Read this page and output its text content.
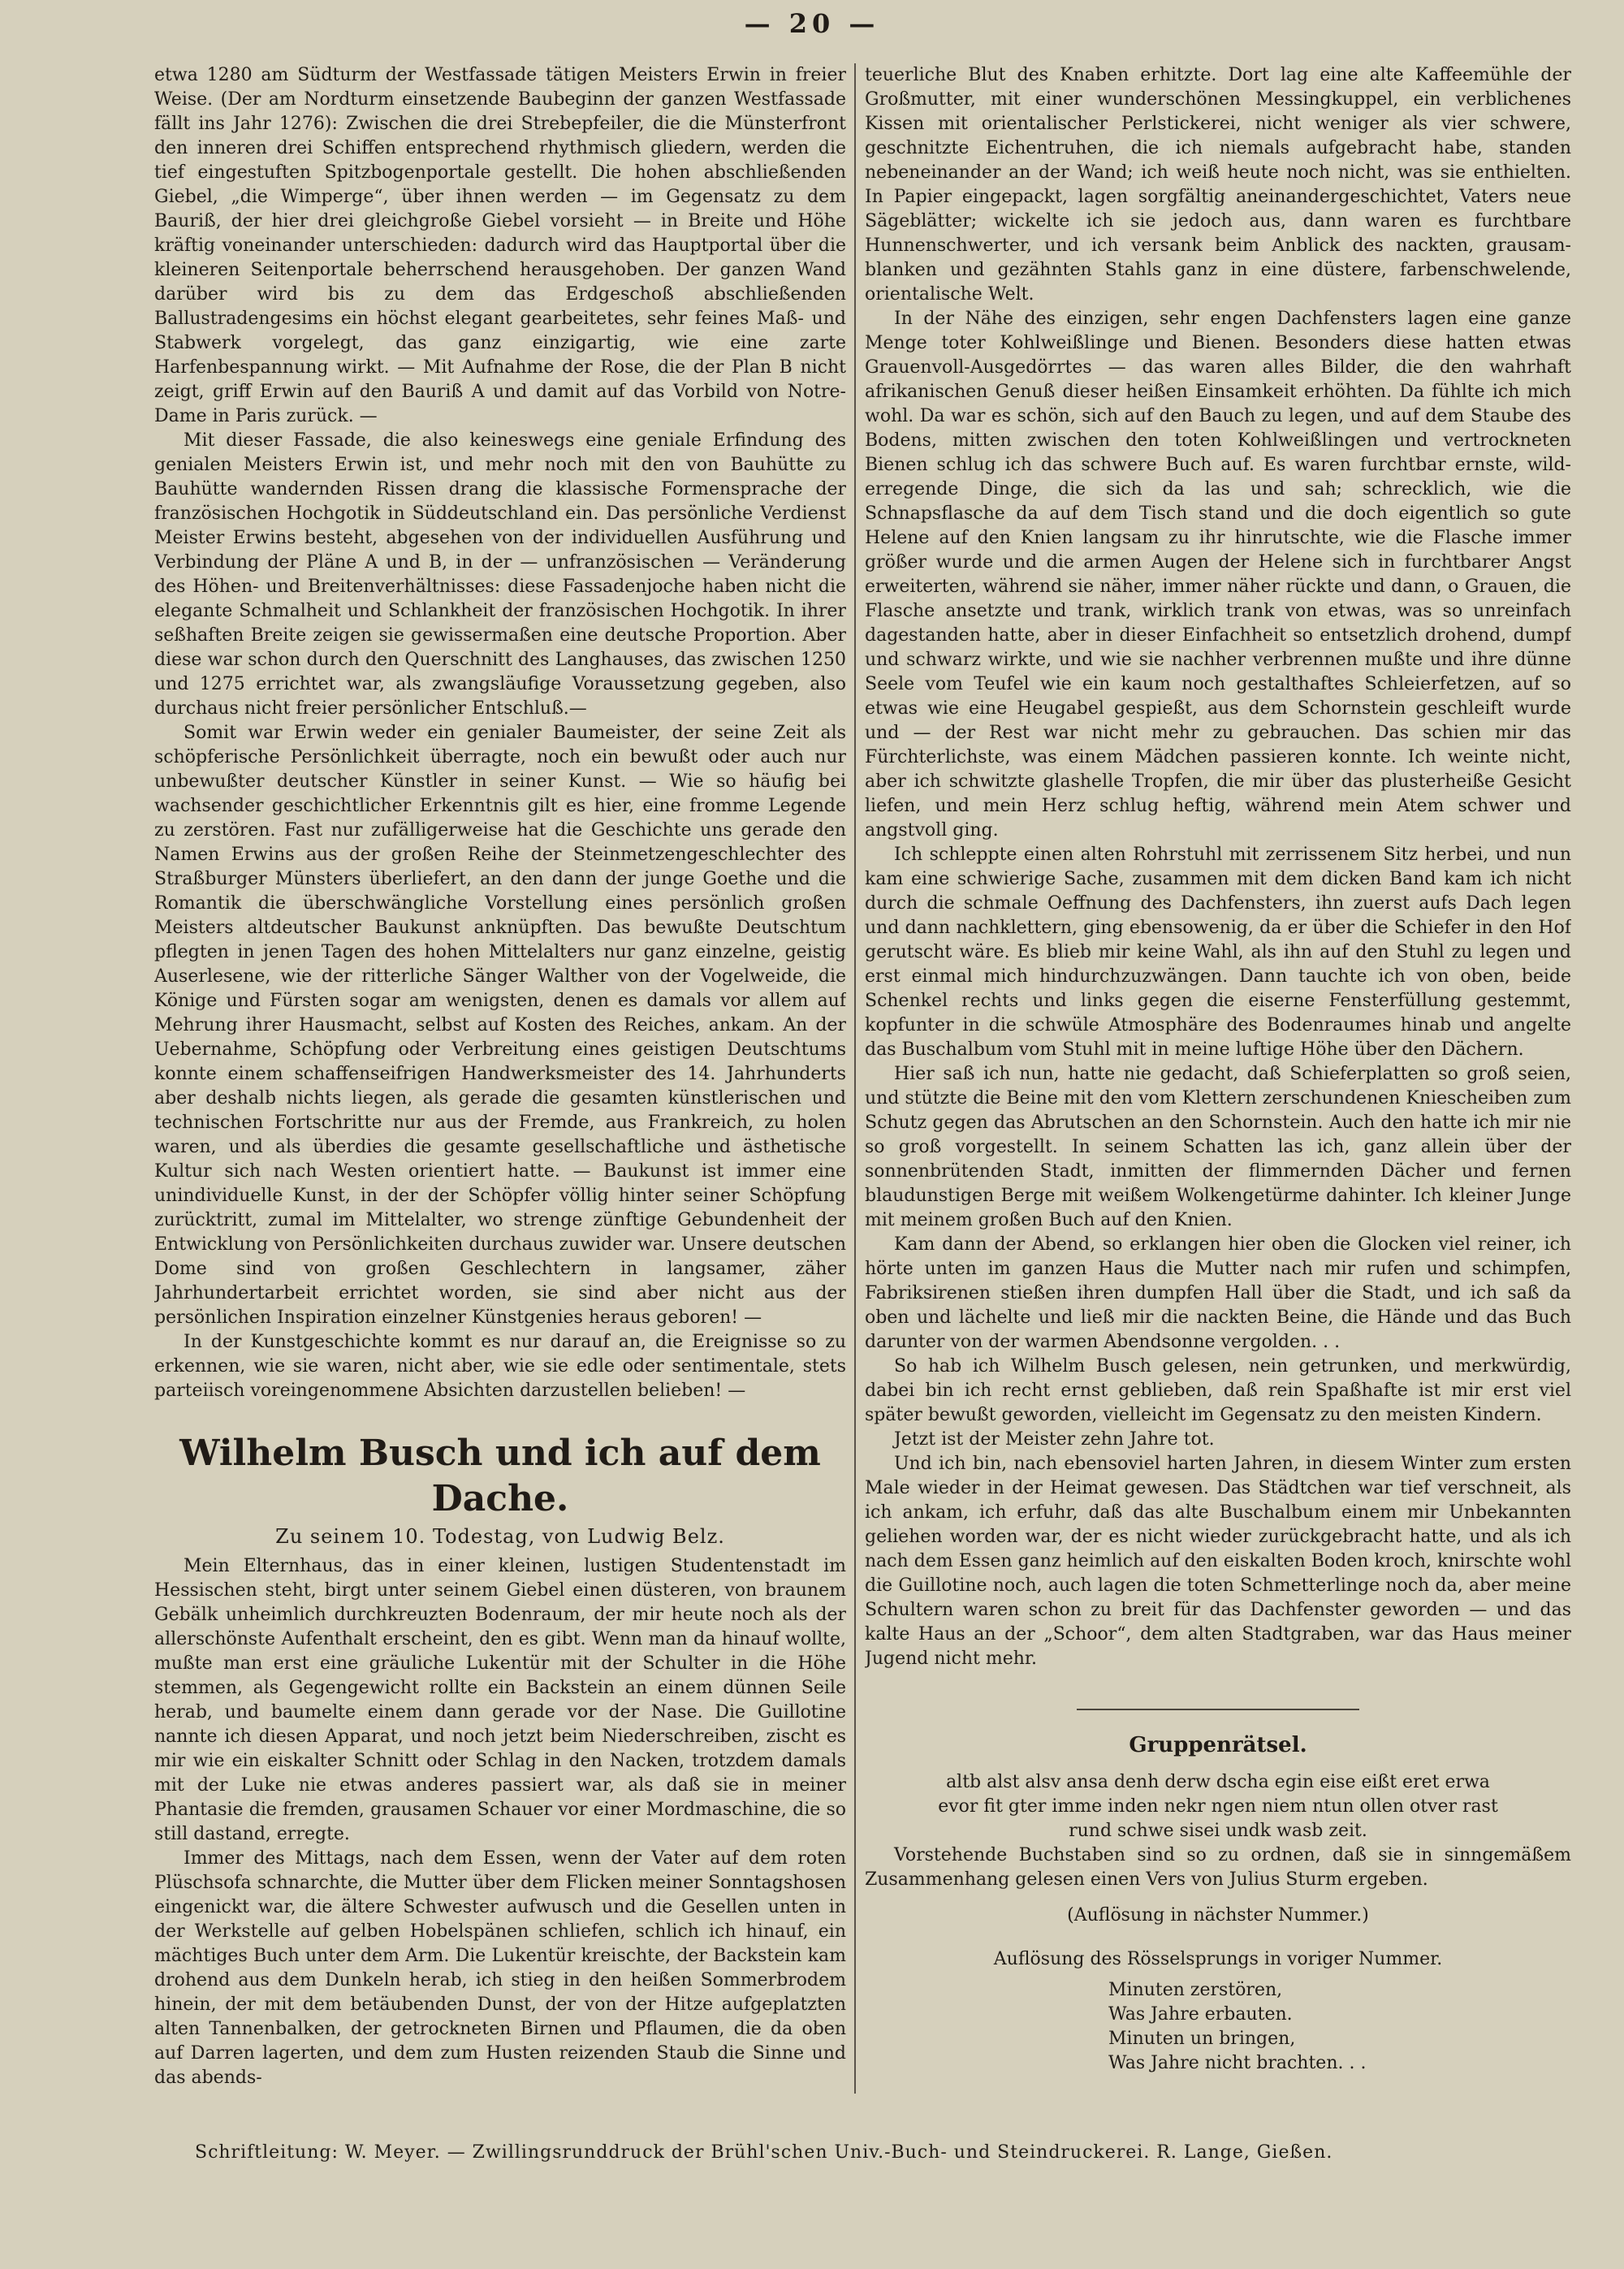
— 20 —

etwa 1280 am Südturm der Westfassade tätigen Meisters Erwin in freier Weise. (Der am Nordturm einsetzende Baubeginn der ganzen Westfassade fällt ins Jahr 1276): Zwischen die drei Strebepfeiler, die die Münsterfront den inneren drei Schiffen entsprechend rhythmisch gliedern, werden die tief eingestuften Spitzbogenportale gestellt. Die hohen abschließenden Giebel, „die Wimperge“, über ihnen werden — im Gegensatz zu dem Bauriß, der hier drei gleichgroße Giebel vorsieht — in Breite und Höhe kräftig voneinander unterschieden: dadurch wird das Hauptportal über die kleineren Seitenportale beherrschend herausgehoben. Der ganzen Wand darüber wird bis zu dem das Erdgeschoß abschließenden Ballustradengesims ein höchst elegant gearbeitetes, sehr feines Maß- und Stabwerk vorgelegt, das ganz einzigartig, wie eine zarte Harfenbespannung wirkt. — Mit Aufnahme der Rose, die der Plan B nicht zeigt, griff Erwin auf den Bauriß A und damit auf das Vorbild von Notre-Dame in Paris zurück. —

Mit dieser Fassade, die also keineswegs eine geniale Erfindung des genialen Meisters Erwin ist, und mehr noch mit den von Bauhütte zu Bauhütte wandernden Rissen drang die klassische Formensprache der französischen Hochgotik in Süddeutschland ein. Das persönliche Verdienst Meister Erwins besteht, abgesehen von der individuellen Ausführung und Verbindung der Pläne A und B, in der — unfranzösischen — Veränderung des Höhen- und Breitenverhältnisses: diese Fassadenjoche haben nicht die elegante Schmalheit und Schlankheit der französischen Hochgotik. In ihrer seßhaften Breite zeigen sie gewissermaßen eine deutsche Proportion. Aber diese war schon durch den Querschnitt des Langhauses, das zwischen 1250 und 1275 errichtet war, als zwangsläufige Voraussetzung gegeben, also durchaus nicht freier persönlicher Entschluß.—

Somit war Erwin weder ein genialer Baumeister, der seine Zeit als schöpferische Persönlichkeit überragte, noch ein bewußt oder auch nur unbewußter deutscher Künstler in seiner Kunst. — Wie so häufig bei wachsender geschichtlicher Erkenntnis gilt es hier, eine fromme Legende zu zerstören. Fast nur zufälligerweise hat die Geschichte uns gerade den Namen Erwins aus der großen Reihe der Steinmetzengeschlechter des Straßburger Münsters überliefert, an den dann der junge Goethe und die Romantik die überschwängliche Vorstellung eines persönlich großen Meisters altdeutscher Baukunst anknüpften. Das bewußte Deutschtum pflegten in jenen Tagen des hohen Mittelalters nur ganz einzelne, geistig Auserlesene, wie der ritterliche Sänger Walther von der Vogelweide, die Könige und Fürsten sogar am wenigsten, denen es damals vor allem auf Mehrung ihrer Hausmacht, selbst auf Kosten des Reiches, ankam. An der Uebernahme, Schöpfung oder Verbreitung eines geistigen Deutschtums konnte einem schaffenseifrigen Handwerksmeister des 14. Jahrhunderts aber deshalb nichts liegen, als gerade die gesamten künstlerischen und technischen Fortschritte nur aus der Fremde, aus Frankreich, zu holen waren, und als überdies die gesamte gesellschaftliche und ästhetische Kultur sich nach Westen orientiert hatte. — Baukunst ist immer eine unindividuelle Kunst, in der der Schöpfer völlig hinter seiner Schöpfung zurücktritt, zumal im Mittelalter, wo strenge zünftige Gebundenheit der Entwicklung von Persönlichkeiten durchaus zuwider war. Unsere deutschen Dome sind von großen Geschlechtern in langsamer, zäher Jahrhundertarbeit errichtet worden, sie sind aber nicht aus der persönlichen Inspiration einzelner Künstgenies heraus geboren! —

In der Kunstgeschichte kommt es nur darauf an, die Ereignisse so zu erkennen, wie sie waren, nicht aber, wie sie edle oder sentimentale, stets parteiisch voreingenommene Absichten darzustellen belieben! —

Wilhelm Busch und ich auf dem Dache.
Zu seinem 10. Todestag, von Ludwig Belz.

Mein Elternhaus, das in einer kleinen, lustigen Studentenstadt im Hessischen steht, birgt unter seinem Giebel einen düsteren, von braunem Gebälk unheimlich durchkreuzten Bodenraum, der mir heute noch als der allerschönste Aufenthalt erscheint, den es gibt. Wenn man da hinauf wollte, mußte man erst eine gräuliche Lukentür mit der Schulter in die Höhe stemmen, als Gegengewicht rollte ein Backstein an einem dünnen Seile herab, und baumelte einem dann gerade vor der Nase. Die Guillotine nannte ich diesen Apparat, und noch jetzt beim Niederschreiben, zischt es mir wie ein eiskalter Schnitt oder Schlag in den Nacken, trotzdem damals mit der Luke nie etwas anderes passiert war, als daß sie in meiner Phantasie die fremden, grausamen Schauer vor einer Mordmaschine, die so still dastand, erregte.

Immer des Mittags, nach dem Essen, wenn der Vater auf dem roten Plüschsofa schnarchte, die Mutter über dem Flicken meiner Sonntagshosen eingenickt war, die ältere Schwester aufwusch und die Gesellen unten in der Werkstelle auf gelben Hobelspänen schliefen, schlich ich hinauf, ein mächtiges Buch unter dem Arm. Die Lukentür kreischte, der Backstein kam drohend aus dem Dunkeln herab, ich stieg in den heißen Sommerbrodem hinein, der mit dem betäubenden Dunst, der von der Hitze aufgeplatzten alten Tannenbalken, der getrockneten Birnen und Pflaumen, die da oben auf Darren lagerten, und dem zum Husten reizenden Staub die Sinne und das abends-

teuerliche Blut des Knaben erhitzte. Dort lag eine alte Kaffeemühle der Großmutter, mit einer wunderschönen Messingkuppel, ein verblichenes Kissen mit orientalischer Perlstickerei, nicht weniger als vier schwere, geschnitzte Eichentruhen, die ich niemals aufgebracht habe, standen nebeneinander an der Wand; ich weiß heute noch nicht, was sie enthielten. In Papier eingepackt, lagen sorgfältig aneinandergeschichtet, Vaters neue Sägeblätter; wickelte ich sie jedoch aus, dann waren es furchtbare Hunnenschwerter, und ich versank beim Anblick des nackten, grausam-blanken und gezähnten Stahls ganz in eine düstere, farbenschwelende, orientalische Welt.

In der Nähe des einzigen, sehr engen Dachfensters lagen eine ganze Menge toter Kohlweißlinge und Bienen. Besonders diese hatten etwas Grauenvoll-Ausgedörrtes — das waren alles Bilder, die den wahrhaft afrikanischen Genuß dieser heißen Einsamkeit erhöhten. Da fühlte ich mich wohl. Da war es schön, sich auf den Bauch zu legen, und auf dem Staube des Bodens, mitten zwischen den toten Kohlweißlingen und vertrockneten Bienen schlug ich das schwere Buch auf. Es waren furchtbar ernste, wild-erregende Dinge, die sich da las und sah; schrecklich, wie die Schnapsflasche da auf dem Tisch stand und die doch eigentlich so gute Helene auf den Knien langsam zu ihr hinrutschte, wie die Flasche immer größer wurde und die armen Augen der Helene sich in furchtbarer Angst erweiterten, während sie näher, immer näher rückte und dann, o Grauen, die Flasche ansetzte und trank, wirklich trank von etwas, was so unreinfach dagestanden hatte, aber in dieser Einfachheit so entsetzlich drohend, dumpf und schwarz wirkte, und wie sie nachher verbrennen mußte und ihre dünne Seele vom Teufel wie ein kaum noch gestalthaftes Schleierfetzen, auf so etwas wie eine Heugabel gespießt, aus dem Schornstein geschleift wurde und — der Rest war nicht mehr zu gebrauchen. Das schien mir das Fürchterlichste, was einem Mädchen passieren konnte. Ich weinte nicht, aber ich schwitzte glashelle Tropfen, die mir über das plusterheiße Gesicht liefen, und mein Herz schlug heftig, während mein Atem schwer und angstvoll ging.

Ich schleppte einen alten Rohrstuhl mit zerrissenem Sitz herbei, und nun kam eine schwierige Sache, zusammen mit dem dicken Band kam ich nicht durch die schmale Oeffnung des Dachfensters, ihn zuerst aufs Dach legen und dann nachklettern, ging ebensowenig, da er über die Schiefer in den Hof gerutscht wäre. Es blieb mir keine Wahl, als ihn auf den Stuhl zu legen und erst einmal mich hindurchzuzwängen. Dann tauchte ich von oben, beide Schenkel rechts und links gegen die eiserne Fensterfüllung gestemmt, kopfunter in die schwüle Atmosphäre des Bodenraumes hinab und angelte das Buschalbum vom Stuhl mit in meine luftige Höhe über den Dächern.

Hier saß ich nun, hatte nie gedacht, daß Schieferplatten so groß seien, und stützte die Beine mit den vom Klettern zerschundenen Kniescheiben zum Schutz gegen das Abrutschen an den Schornstein. Auch den hatte ich mir nie so groß vorgestellt. In seinem Schatten las ich, ganz allein über der sonnenbrütenden Stadt, inmitten der flimmernden Dächer und fernen blaudunstigen Berge mit weißem Wolkengetürme dahinter. Ich kleiner Junge mit meinem großen Buch auf den Knien.

Kam dann der Abend, so erklangen hier oben die Glocken viel reiner, ich hörte unten im ganzen Haus die Mutter nach mir rufen und schimpfen, Fabriksirenen stießen ihren dumpfen Hall über die Stadt, und ich saß da oben und lächelte und ließ mir die nackten Beine, die Hände und das Buch darunter von der warmen Abendsonne vergolden. . .

So hab ich Wilhelm Busch gelesen, nein getrunken, und merkwürdig, dabei bin ich recht ernst geblieben, daß rein Spaßhafte ist mir erst viel später bewußt geworden, vielleicht im Gegensatz zu den meisten Kindern.

Jetzt ist der Meister zehn Jahre tot.

Und ich bin, nach ebensoviel harten Jahren, in diesem Winter zum ersten Male wieder in der Heimat gewesen. Das Städtchen war tief verschneit, als ich ankam, ich erfuhr, daß das alte Buschalbum einem mir Unbekannten geliehen worden war, der es nicht wieder zurückgebracht hatte, und als ich nach dem Essen ganz heimlich auf den eiskalten Boden kroch, knirschte wohl die Guillotine noch, auch lagen die toten Schmetterlinge noch da, aber meine Schultern waren schon zu breit für das Dachfenster geworden — und das kalte Haus an der „Schoor“, dem alten Stadtgraben, war das Haus meiner Jugend nicht mehr.

Gruppenrätsel.

altb alst alsv ansa denh derw dscha egin eise eißt eret erwa

evor fit gter imme inden nekr ngen niem ntun ollen otver rast

rund schwe sisei undk wasb zeit.

Vorstehende Buchstaben sind so zu ordnen, daß sie in sinngemäßem Zusammenhang gelesen einen Vers von Julius Sturm ergeben.

(Auflösung in nächster Nummer.)

Auflösung des Rösselsprungs in voriger Nummer.

Minuten zerstören,
Was Jahre erbauten.
Minuten un bringen,
Was Jahre nicht brachten. . .
Schriftleitung: W. Meyer. — Zwillingsrunddruck der Brühl'schen Univ.-Buch- und Steindruckerei. R. Lange, Gießen.
